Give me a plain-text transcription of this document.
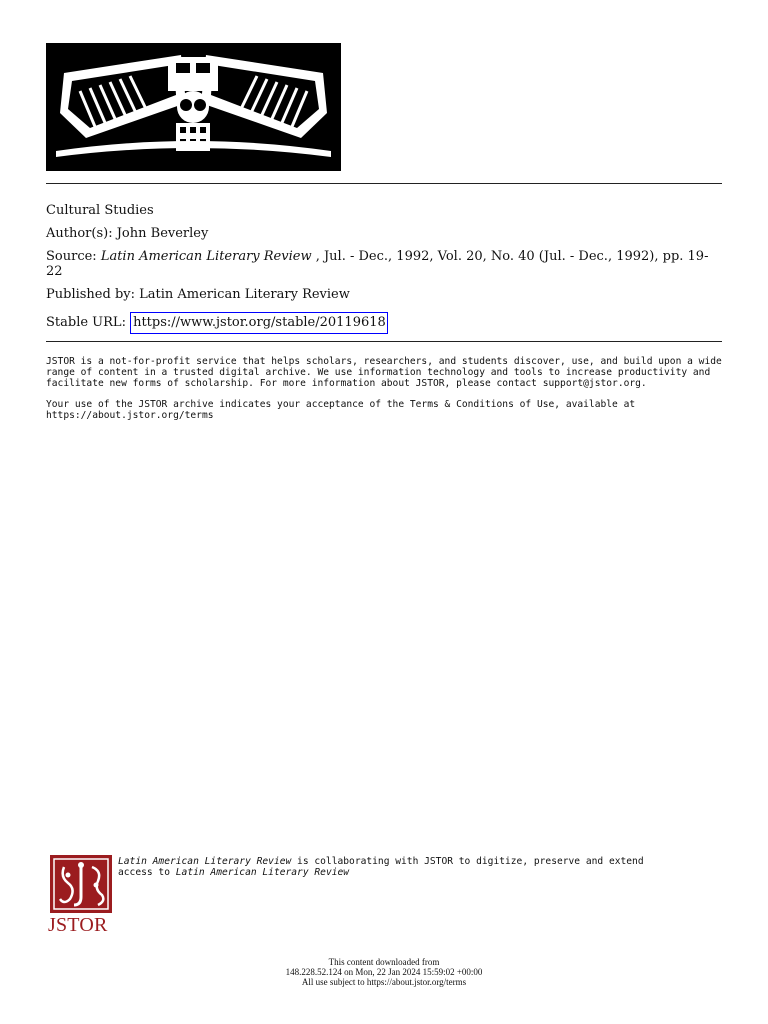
Cultural Studies
Author(s): John Beverley
Source: Latin American Literary Review , Jul. - Dec., 1992, Vol. 20, No. 40 (Jul. - Dec., 1992), pp. 19-22
Published by: Latin American Literary Review
Stable URL: https://www.jstor.org/stable/20119618
JSTOR is a not-for-profit service that helps scholars, researchers, and students discover, use, and build upon a wide
range of content in a trusted digital archive. We use information technology and tools to increase productivity and
facilitate new forms of scholarship. For more information about JSTOR, please contact support@jstor.org.
Your use of the JSTOR archive indicates your acceptance of the Terms & Conditions of Use, available at
https://about.jstor.org/terms
JSTOR
Latin American Literary Review is collaborating with JSTOR to digitize, preserve and extend
access to Latin American Literary Review
This content downloaded from
148.228.52.124 on Mon, 22 Jan 2024 15:59:02 +00:00
All use subject to https://about.jstor.org/terms
